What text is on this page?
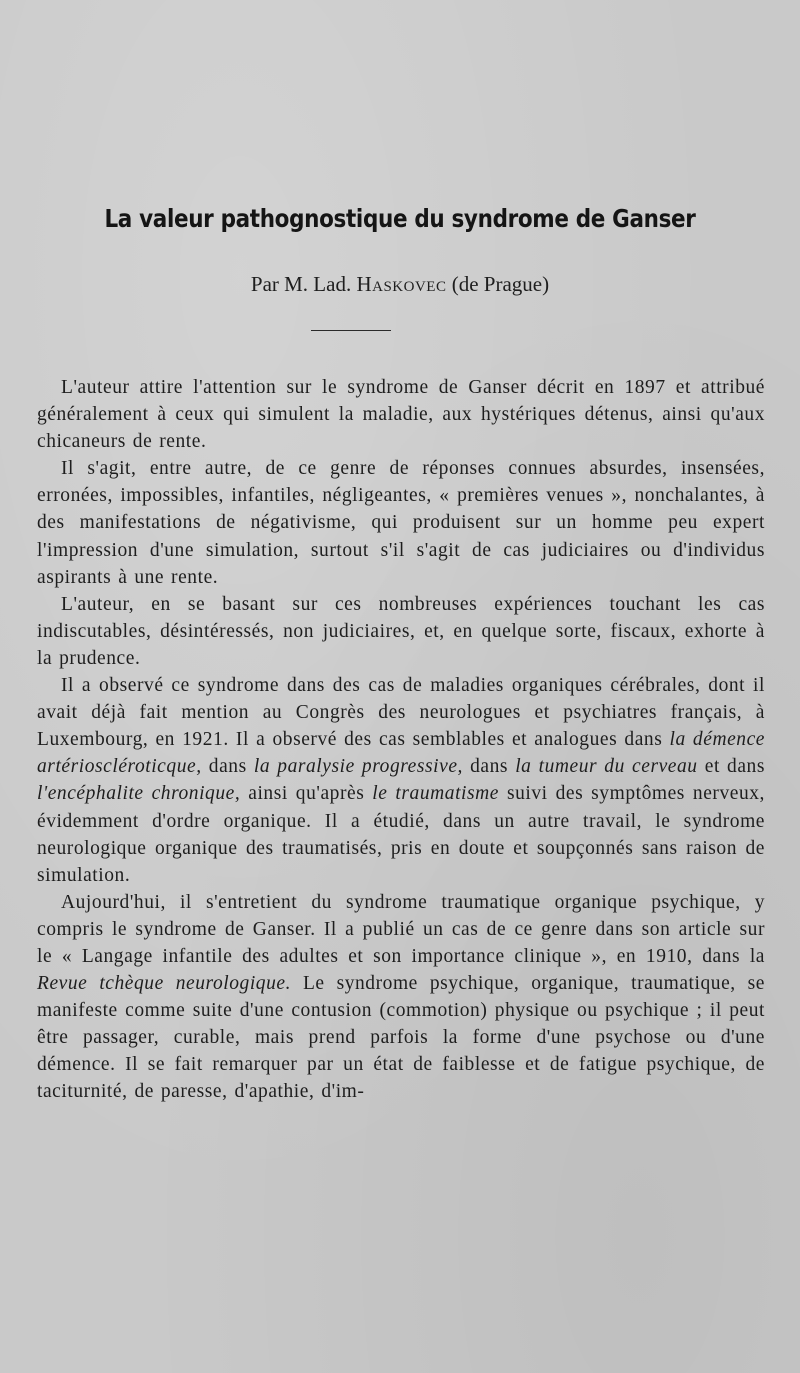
La valeur pathognostique du syndrome de Ganser
Par M. Lad. Haskovec (de Prague)

L'auteur attire l'attention sur le syndrome de Ganser décrit en 1897 et attribué généralement à ceux qui simulent la maladie, aux hystériques détenus, ainsi qu'aux chicaneurs de rente.

Il s'agit, entre autre, de ce genre de réponses connues absurdes, insensées, erronées, impossibles, infantiles, négligeantes, « premières venues », nonchalantes, à des manifestations de négativisme, qui produisent sur un homme peu expert l'impression d'une simulation, surtout s'il s'agit de cas judiciaires ou d'individus aspirants à une rente.

L'auteur, en se basant sur ces nombreuses expériences touchant les cas indiscutables, désintéressés, non judiciaires, et, en quelque sorte, fiscaux, exhorte à la prudence.

Il a observé ce syndrome dans des cas de maladies organiques cérébrales, dont il avait déjà fait mention au Congrès des neurologues et psychiatres français, à Luxembourg, en 1921. Il a observé des cas semblables et analogues dans la démence artérioscléroticque, dans la paralysie progressive, dans la tumeur du cerveau et dans l'encéphalite chronique, ainsi qu'après le traumatisme suivi des symptômes nerveux, évidemment d'ordre organique. Il a étudié, dans un autre travail, le syndrome neurologique organique des traumatisés, pris en doute et soupçonnés sans raison de simulation.

Aujourd'hui, il s'entretient du syndrome traumatique organique psychique, y compris le syndrome de Ganser. Il a publié un cas de ce genre dans son article sur le « Langage infantile des adultes et son importance clinique », en 1910, dans la Revue tchèque neurologique. Le syndrome psychique, organique, traumatique, se manifeste comme suite d'une contusion (commotion) physique ou psychique ; il peut être passager, curable, mais prend parfois la forme d'une psychose ou d'une démence. Il se fait remarquer par un état de faiblesse et de fatigue psychique, de taciturnité, de paresse, d'apathie, d'im-
